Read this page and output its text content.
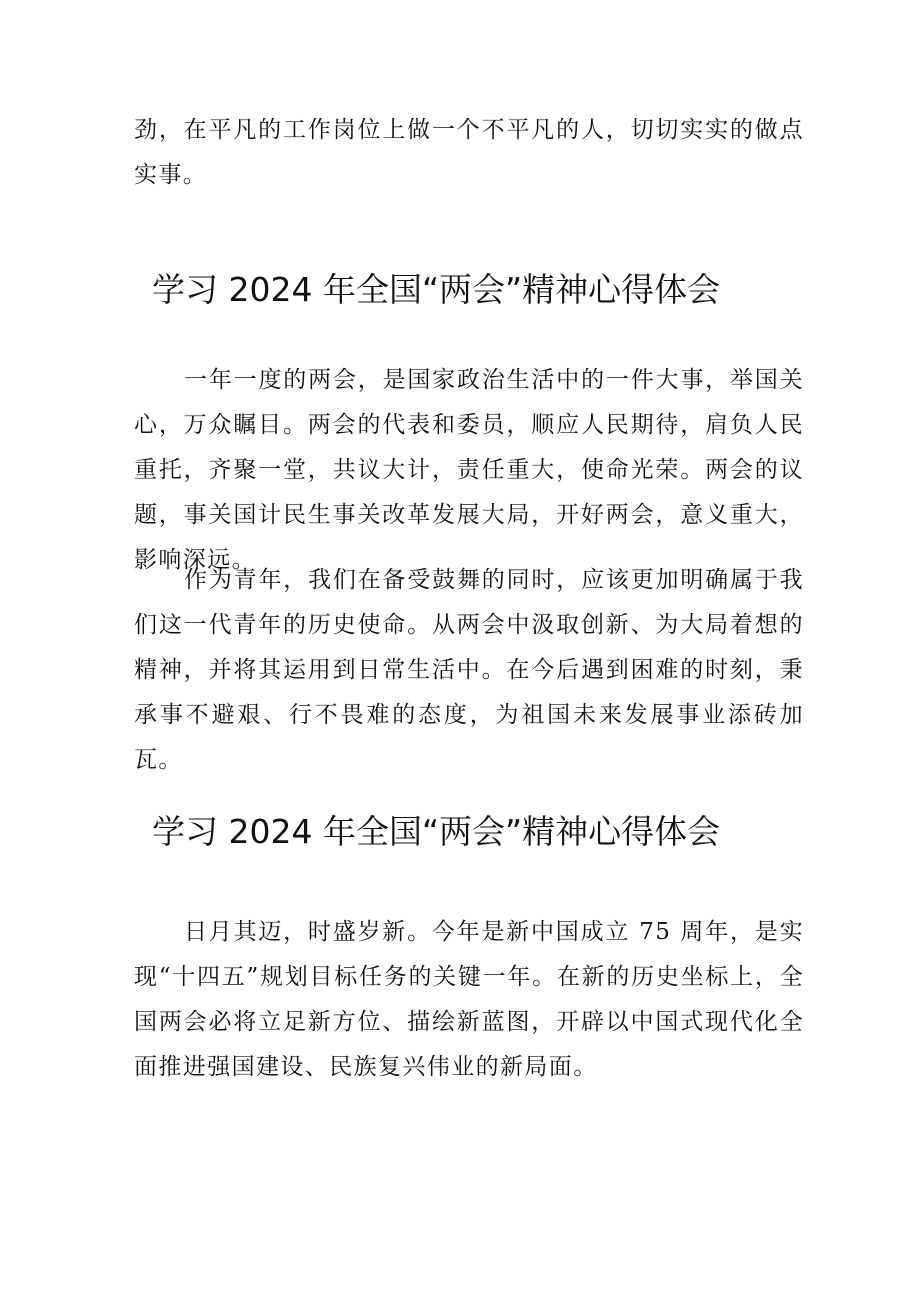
劲，在平凡的工作岗位上做一个不平凡的人，切切实实的做点实事。

学习 2024 年全国“两会”精神心得体会

一年一度的两会，是国家政治生活中的一件大事，举国关心，万众瞩目。两会的代表和委员，顺应人民期待，肩负人民重托，齐聚一堂，共议大计，责任重大，使命光荣。两会的议题，事关国计民生事关改革发展大局，开好两会，意义重大，影响深远。

作为青年，我们在备受鼓舞的同时，应该更加明确属于我们这一代青年的历史使命。从两会中汲取创新、为大局着想的精神，并将其运用到日常生活中。在今后遇到困难的时刻，秉承事不避艰、行不畏难的态度，为祖国未来发展事业添砖加瓦。

学习 2024 年全国“两会”精神心得体会

日月其迈，时盛岁新。今年是新中国成立 75 周年，是实现“十四五”规划目标任务的关键一年。在新的历史坐标上，全国两会必将立足新方位、描绘新蓝图，开辟以中国式现代化全面推进强国建设、民族复兴伟业的新局面。
